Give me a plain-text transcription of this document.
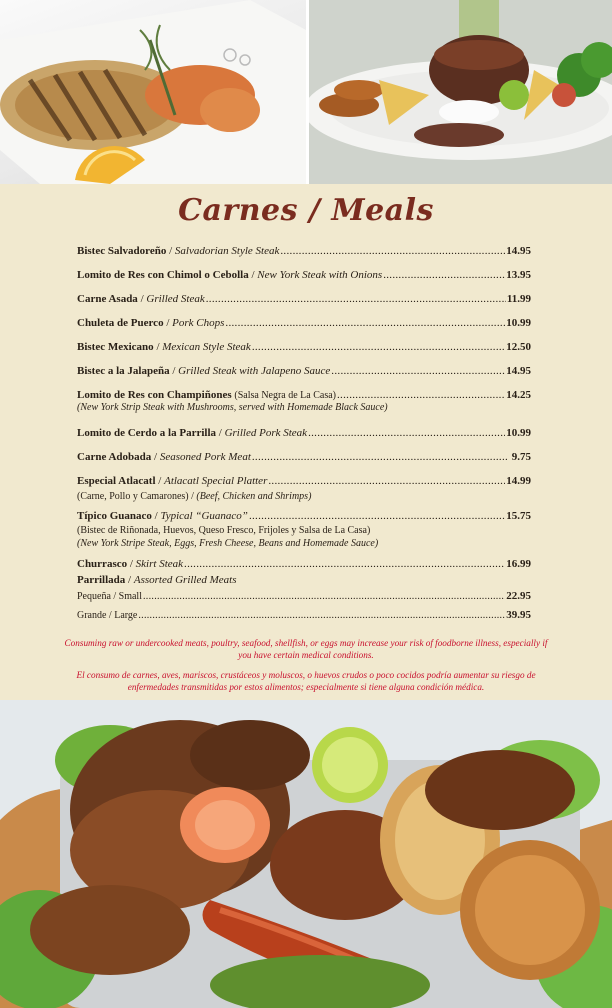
Carnes / Meals
Bistec Salvadoreño / Salvadorian Style Steak .....	14.95
Lomito de Res con Chimol o Cebolla / New York Steak with Onions .....	13.95
Carne Asada / Grilled Steak .....	11.99
Chuleta de Puerco / Pork Chops .....	10.99
Bistec Mexicano / Mexican Style Steak .....	12.50
Bistec a la Jalapeña / Grilled Steak with Jalapeno Sauce .....	14.95
Lomito de Res con Champiñones (Salsa Negra de La Casa) .....	14.25
(New York Strip Steak with Mushrooms, served with Homemade Black Sauce)
Lomito de Cerdo a la Parrilla / Grilled Pork Steak .....	10.99
Carne Adobada / Seasoned Pork Meat .....	9.75
Especial Atlacatl / Atlacatl Special Platter .....	14.99
(Carne, Pollo y Camarones) / (Beef, Chicken and Shrimps)
Típico Guanaco / Typical “Guanaco” .....	15.75
(Bistec de Riñonada, Huevos, Queso Fresco, Frijoles y Salsa de La Casa)
(New York Stripe Steak, Eggs, Fresh Cheese, Beans and Homemade Sauce)
Churrasco / Skirt Steak .....	16.99
Parrillada / Assorted Grilled Meats
Pequeña / Small .....	22.95
Grande / Large .....	39.95
Consuming raw or undercooked meats, poultry, seafood, shellfish, or eggs may increase your risk of foodborne illness, especially if you have certain medical conditions.
El consumo de carnes, aves, mariscos, crustáceos y moluscos, o huevos crudos o poco cocidos podría aumentar su riesgo de enfermedades transmitidas por estos alimentos; especialmente si tiene alguna condición médica.
